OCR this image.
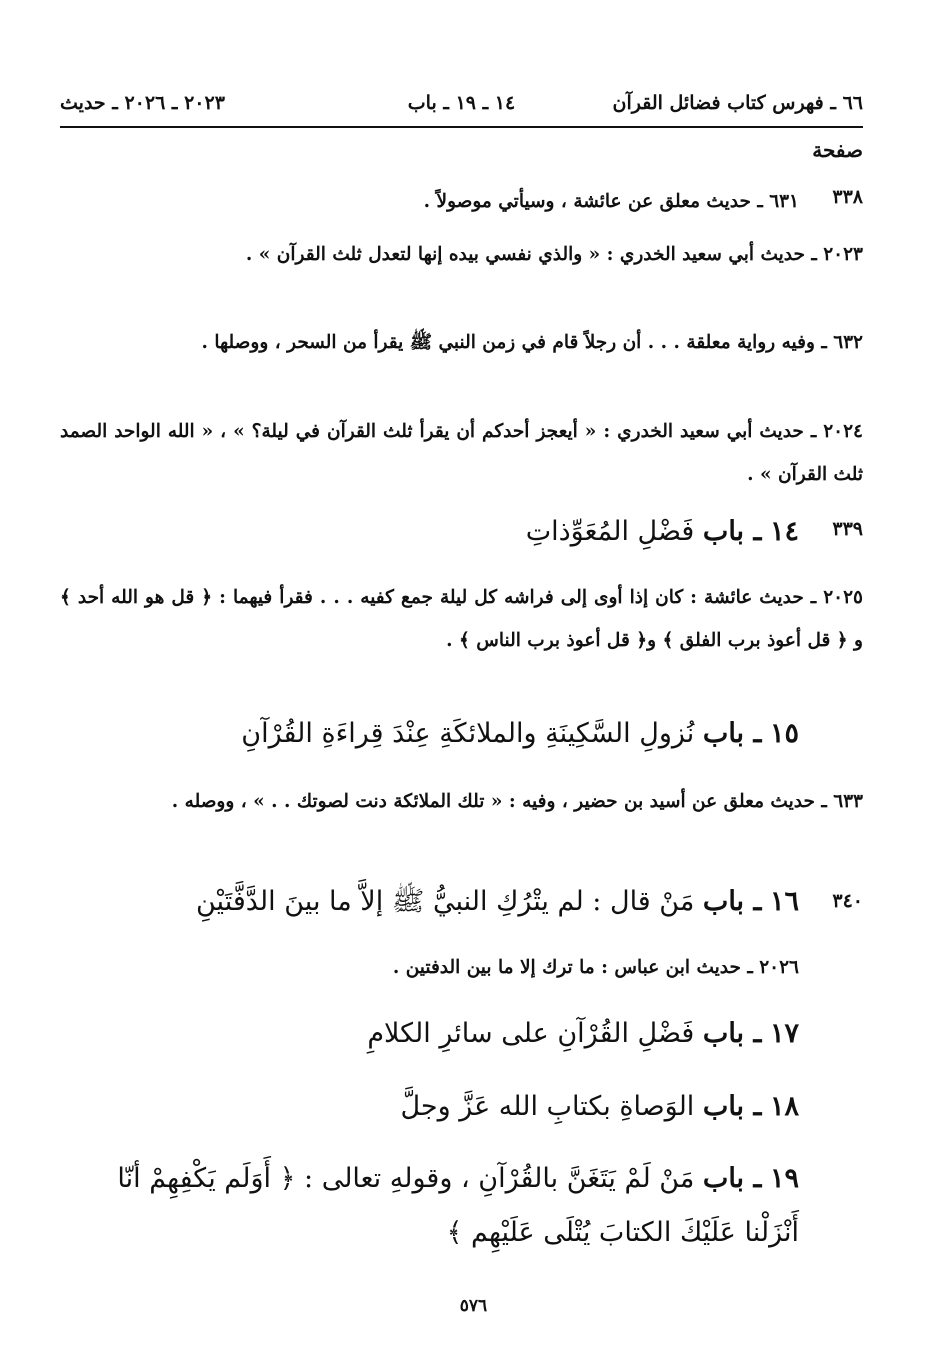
٦٦ ـ فهرس كتاب فضائل القرآن
١٤ ـ ١٩ ـ باب
٢٠٢٣ ـ ٢٠٢٦ ـ حديث
صفحة
٣٣٨
٦٣١ ـ حديث معلق عن عائشة ، وسيأتي موصولاً .
٢٠٢٣ ـ حديث أبي سعيد الخدري : « والذي نفسي بيده إنها لتعدل ثلث القرآن » .
٦٣٢ ـ وفيه رواية معلقة . . . أن رجلاً قام في زمن النبي ﷺ يقرأ من السحر ، ووصلها .
٢٠٢٤ ـ حديث أبي سعيد الخدري : « أيعجز أحدكم أن يقرأ ثلث القرآن في ليلة؟ » ، « الله الواحد الصمد ثلث القرآن » .
٣٣٩
١٤ ـ باب فَضْلِ المُعَوِّذاتِ
٢٠٢٥ ـ حديث عائشة : كان إذا أوى إلى فراشه كل ليلة جمع كفيه . . . فقرأ فيهما : ﴿ قل هو الله أحد ﴾ و ﴿ قل أعوذ برب الفلق ﴾ و﴿ قل أعوذ برب الناس ﴾ .
١٥ ـ باب نُزولِ السَّكِينَةِ والملائكَةِ عِنْدَ قِراءَةِ القُرْآنِ
٦٣٣ ـ حديث معلق عن أسيد بن حضير ، وفيه : « تلك الملائكة دنت لصوتك . . » ، ووصله .
٣٤٠
١٦ ـ باب مَنْ قال : لم يتْرُكِ النبيُّ ﷺ إلاَّ ما بينَ الدَّفَّتَيْنِ
٢٠٢٦ ـ حديث ابن عباس : ما ترك إلا ما بين الدفتين .
١٧ ـ باب فَضْلِ القُرْآنِ على سائرِ الكلامِ
١٨ ـ باب الوَصاةِ بكتابِ الله عَزَّ وجلَّ
١٩ ـ باب مَنْ لَمْ يَتَغَنَّ بالقُرْآنِ ، وقولهِ تعالى : ﴿ أَوَلَم يَكْفِهِمْ أنّا أَنْزَلْنا عَلَيْكَ الكتابَ يُتْلَى عَلَيْهِم ﴾
٥٧٦
